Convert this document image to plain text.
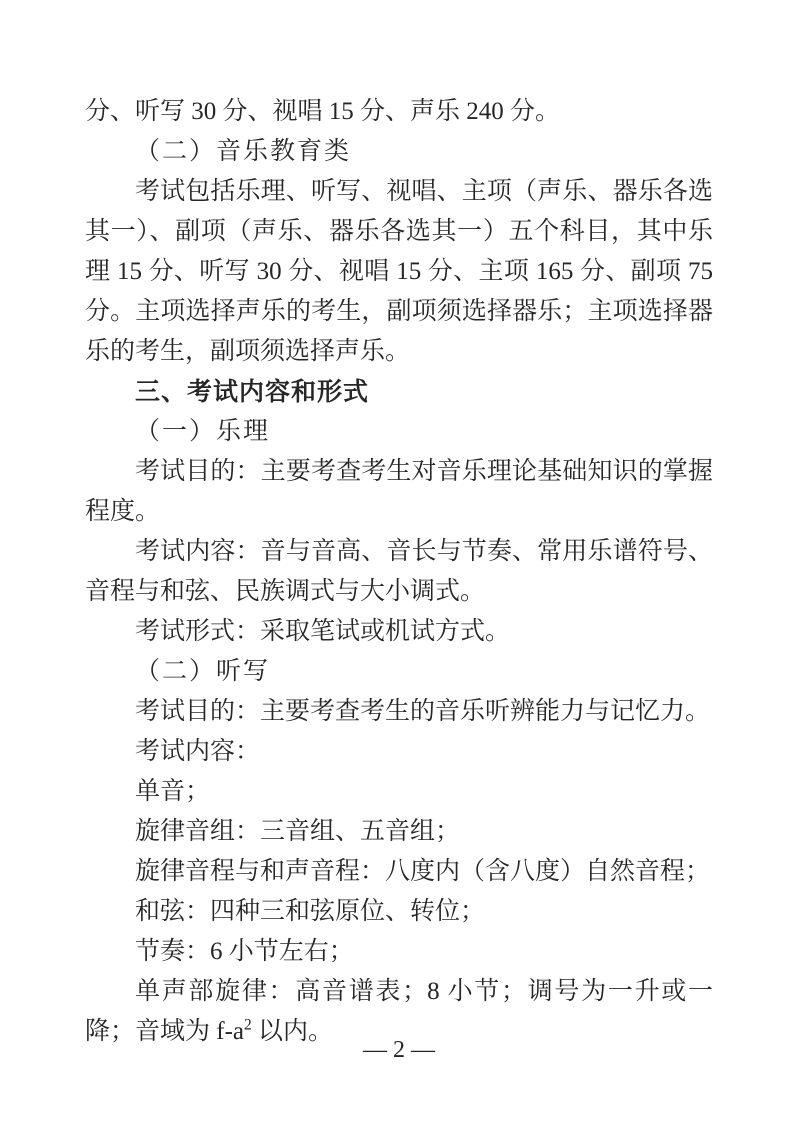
分、听写 30 分、视唱 15 分、声乐 240 分。

（二）音乐教育类

考试包括乐理、听写、视唱、主项（声乐、器乐各选其一）、副项（声乐、器乐各选其一）五个科目，其中乐理 15 分、听写 30 分、视唱 15 分、主项 165 分、副项 75 分。主项选择声乐的考生，副项须选择器乐；主项选择器乐的考生，副项须选择声乐。

三、考试内容和形式

（一）乐理

考试目的：主要考查考生对音乐理论基础知识的掌握程度。

考试内容：音与音高、音长与节奏、常用乐谱符号、音程与和弦、民族调式与大小调式。

考试形式：采取笔试或机试方式。

（二）听写

考试目的：主要考查考生的音乐听辨能力与记忆力。

考试内容：

单音；

旋律音组：三音组、五音组；

旋律音程与和声音程：八度内（含八度）自然音程；

和弦：四种三和弦原位、转位；

节奏：6 小节左右；

单声部旋律：高音谱表；8 小节；调号为一升或一降；音域为 $f-a^2$ 以内。

— 2 —
